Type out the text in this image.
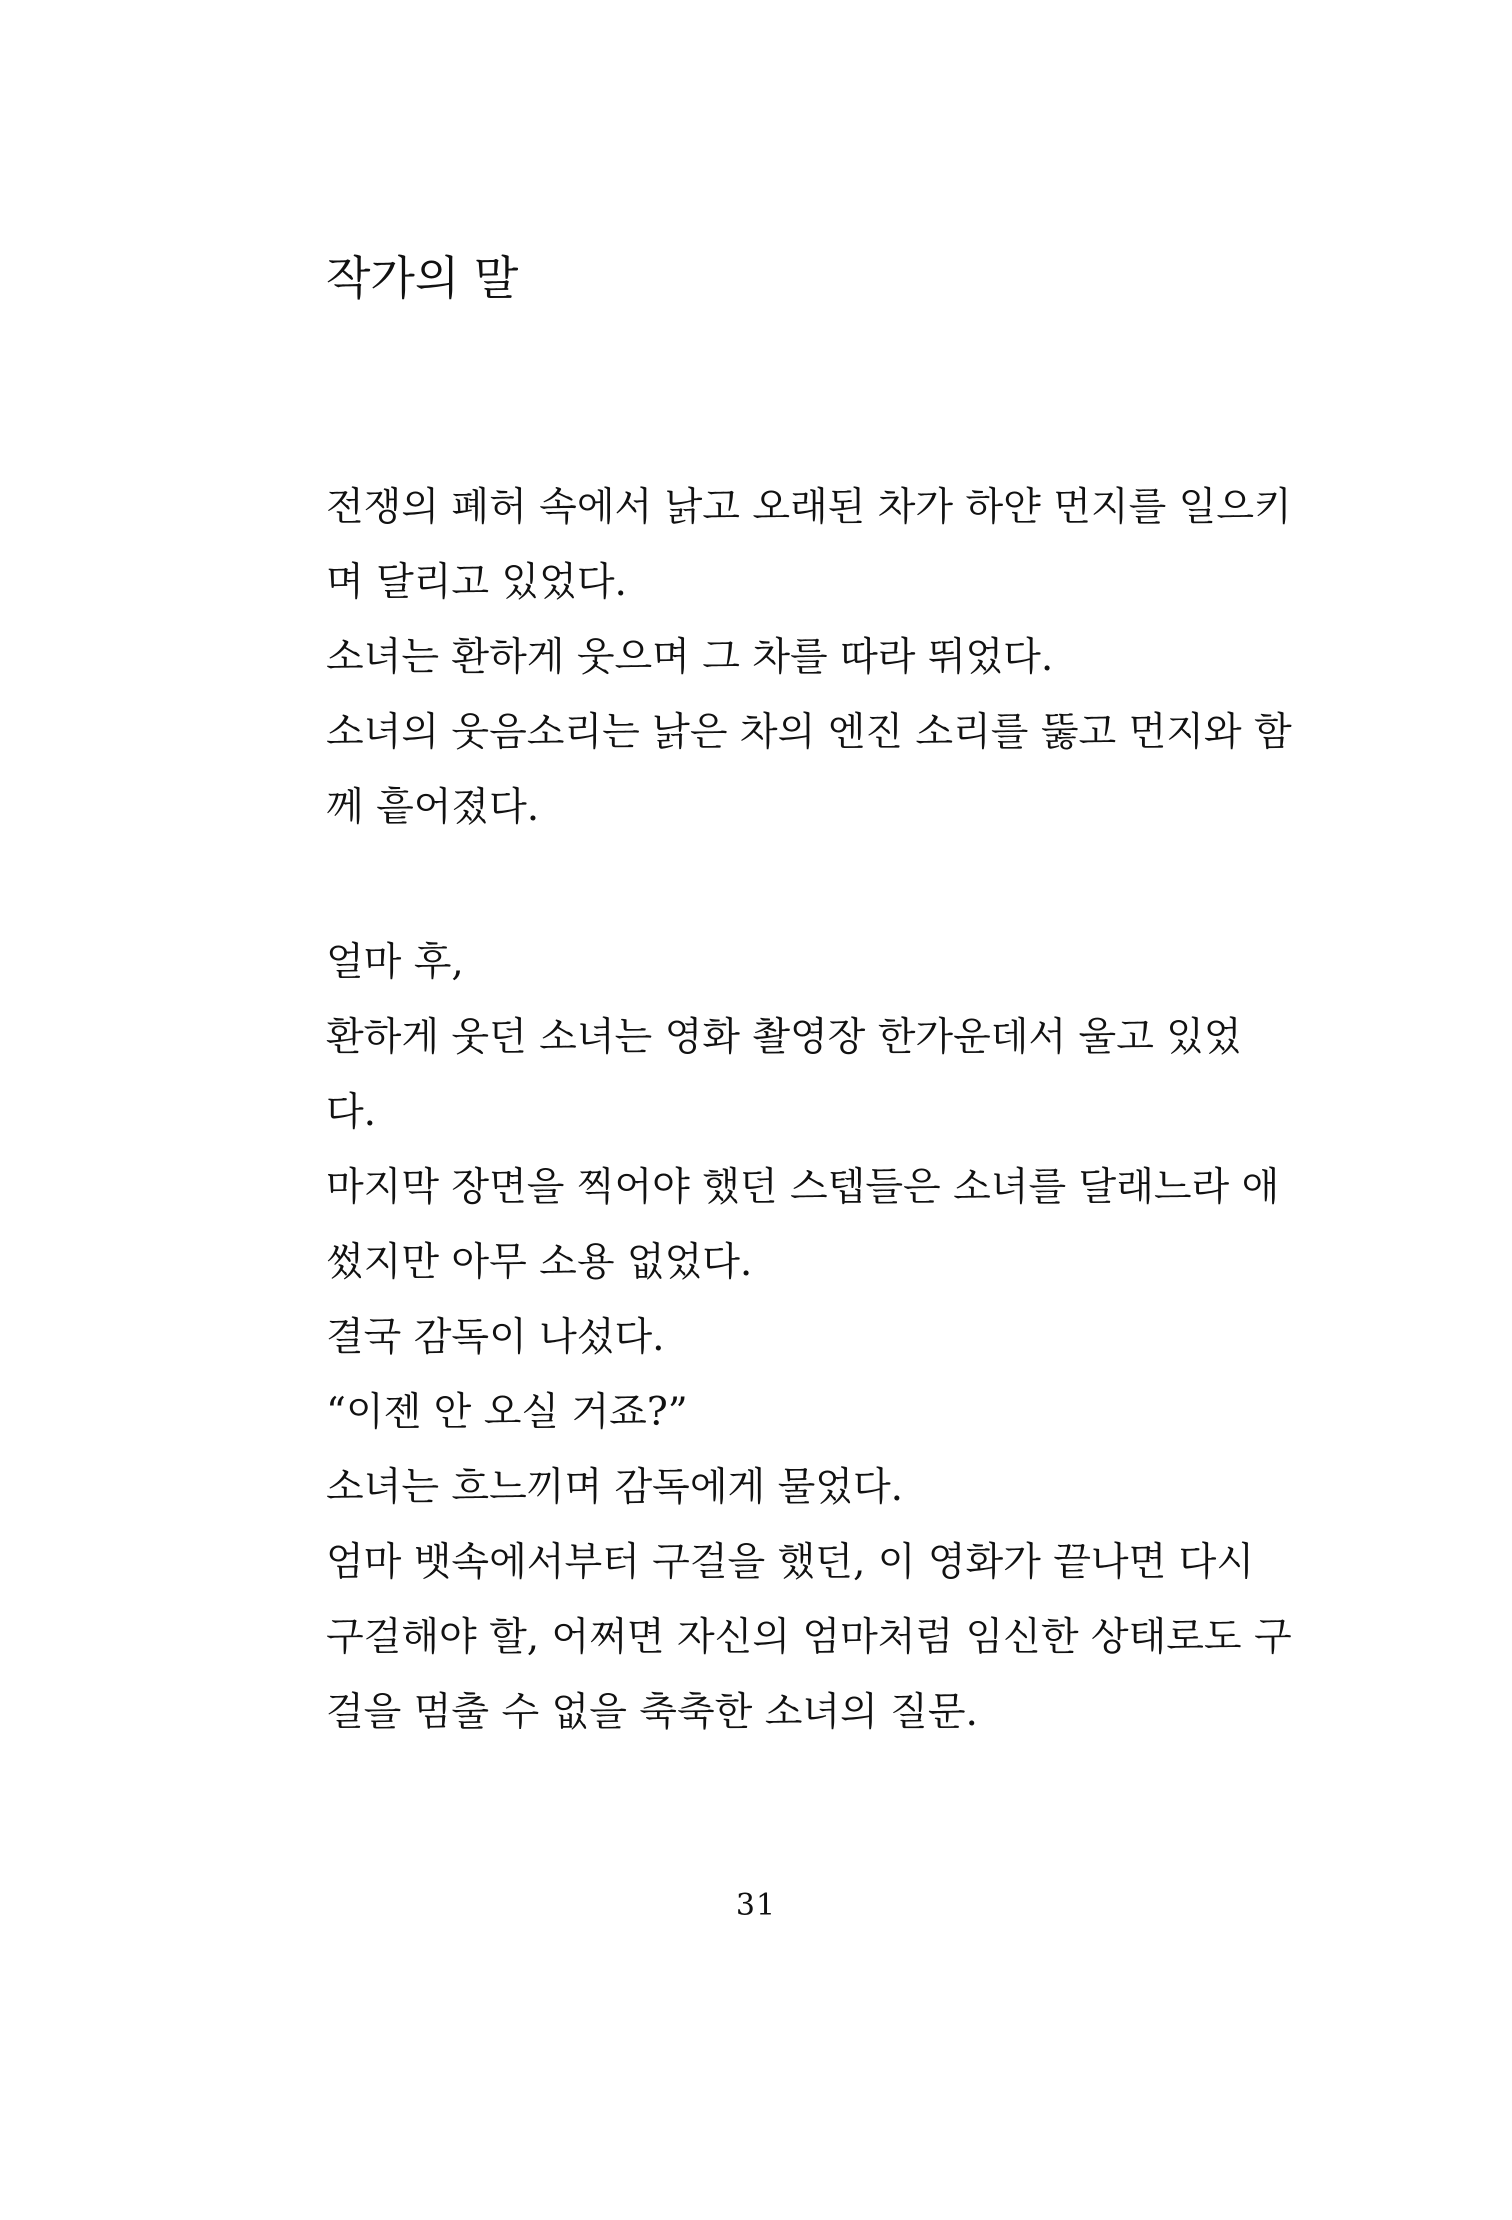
작가의 말
전쟁의 폐허 속에서 낡고 오래된 차가 하얀 먼지를 일으키
며 달리고 있었다.
소녀는 환하게 웃으며 그 차를 따라 뛰었다.
소녀의 웃음소리는 낡은 차의 엔진 소리를 뚫고 먼지와 함
께 흩어졌다.
얼마 후,
환하게 웃던 소녀는 영화 촬영장 한가운데서 울고 있었
다.
마지막 장면을 찍어야 했던 스텝들은 소녀를 달래느라 애
썼지만 아무 소용 없었다.
결국 감독이 나섰다.
“이젠 안 오실 거죠?”
소녀는 흐느끼며 감독에게 물었다.
엄마 뱃속에서부터 구걸을 했던, 이 영화가 끝나면 다시
구걸해야 할, 어쩌면 자신의 엄마처럼 임신한 상태로도 구
걸을 멈출 수 없을 축축한 소녀의 질문.
31
